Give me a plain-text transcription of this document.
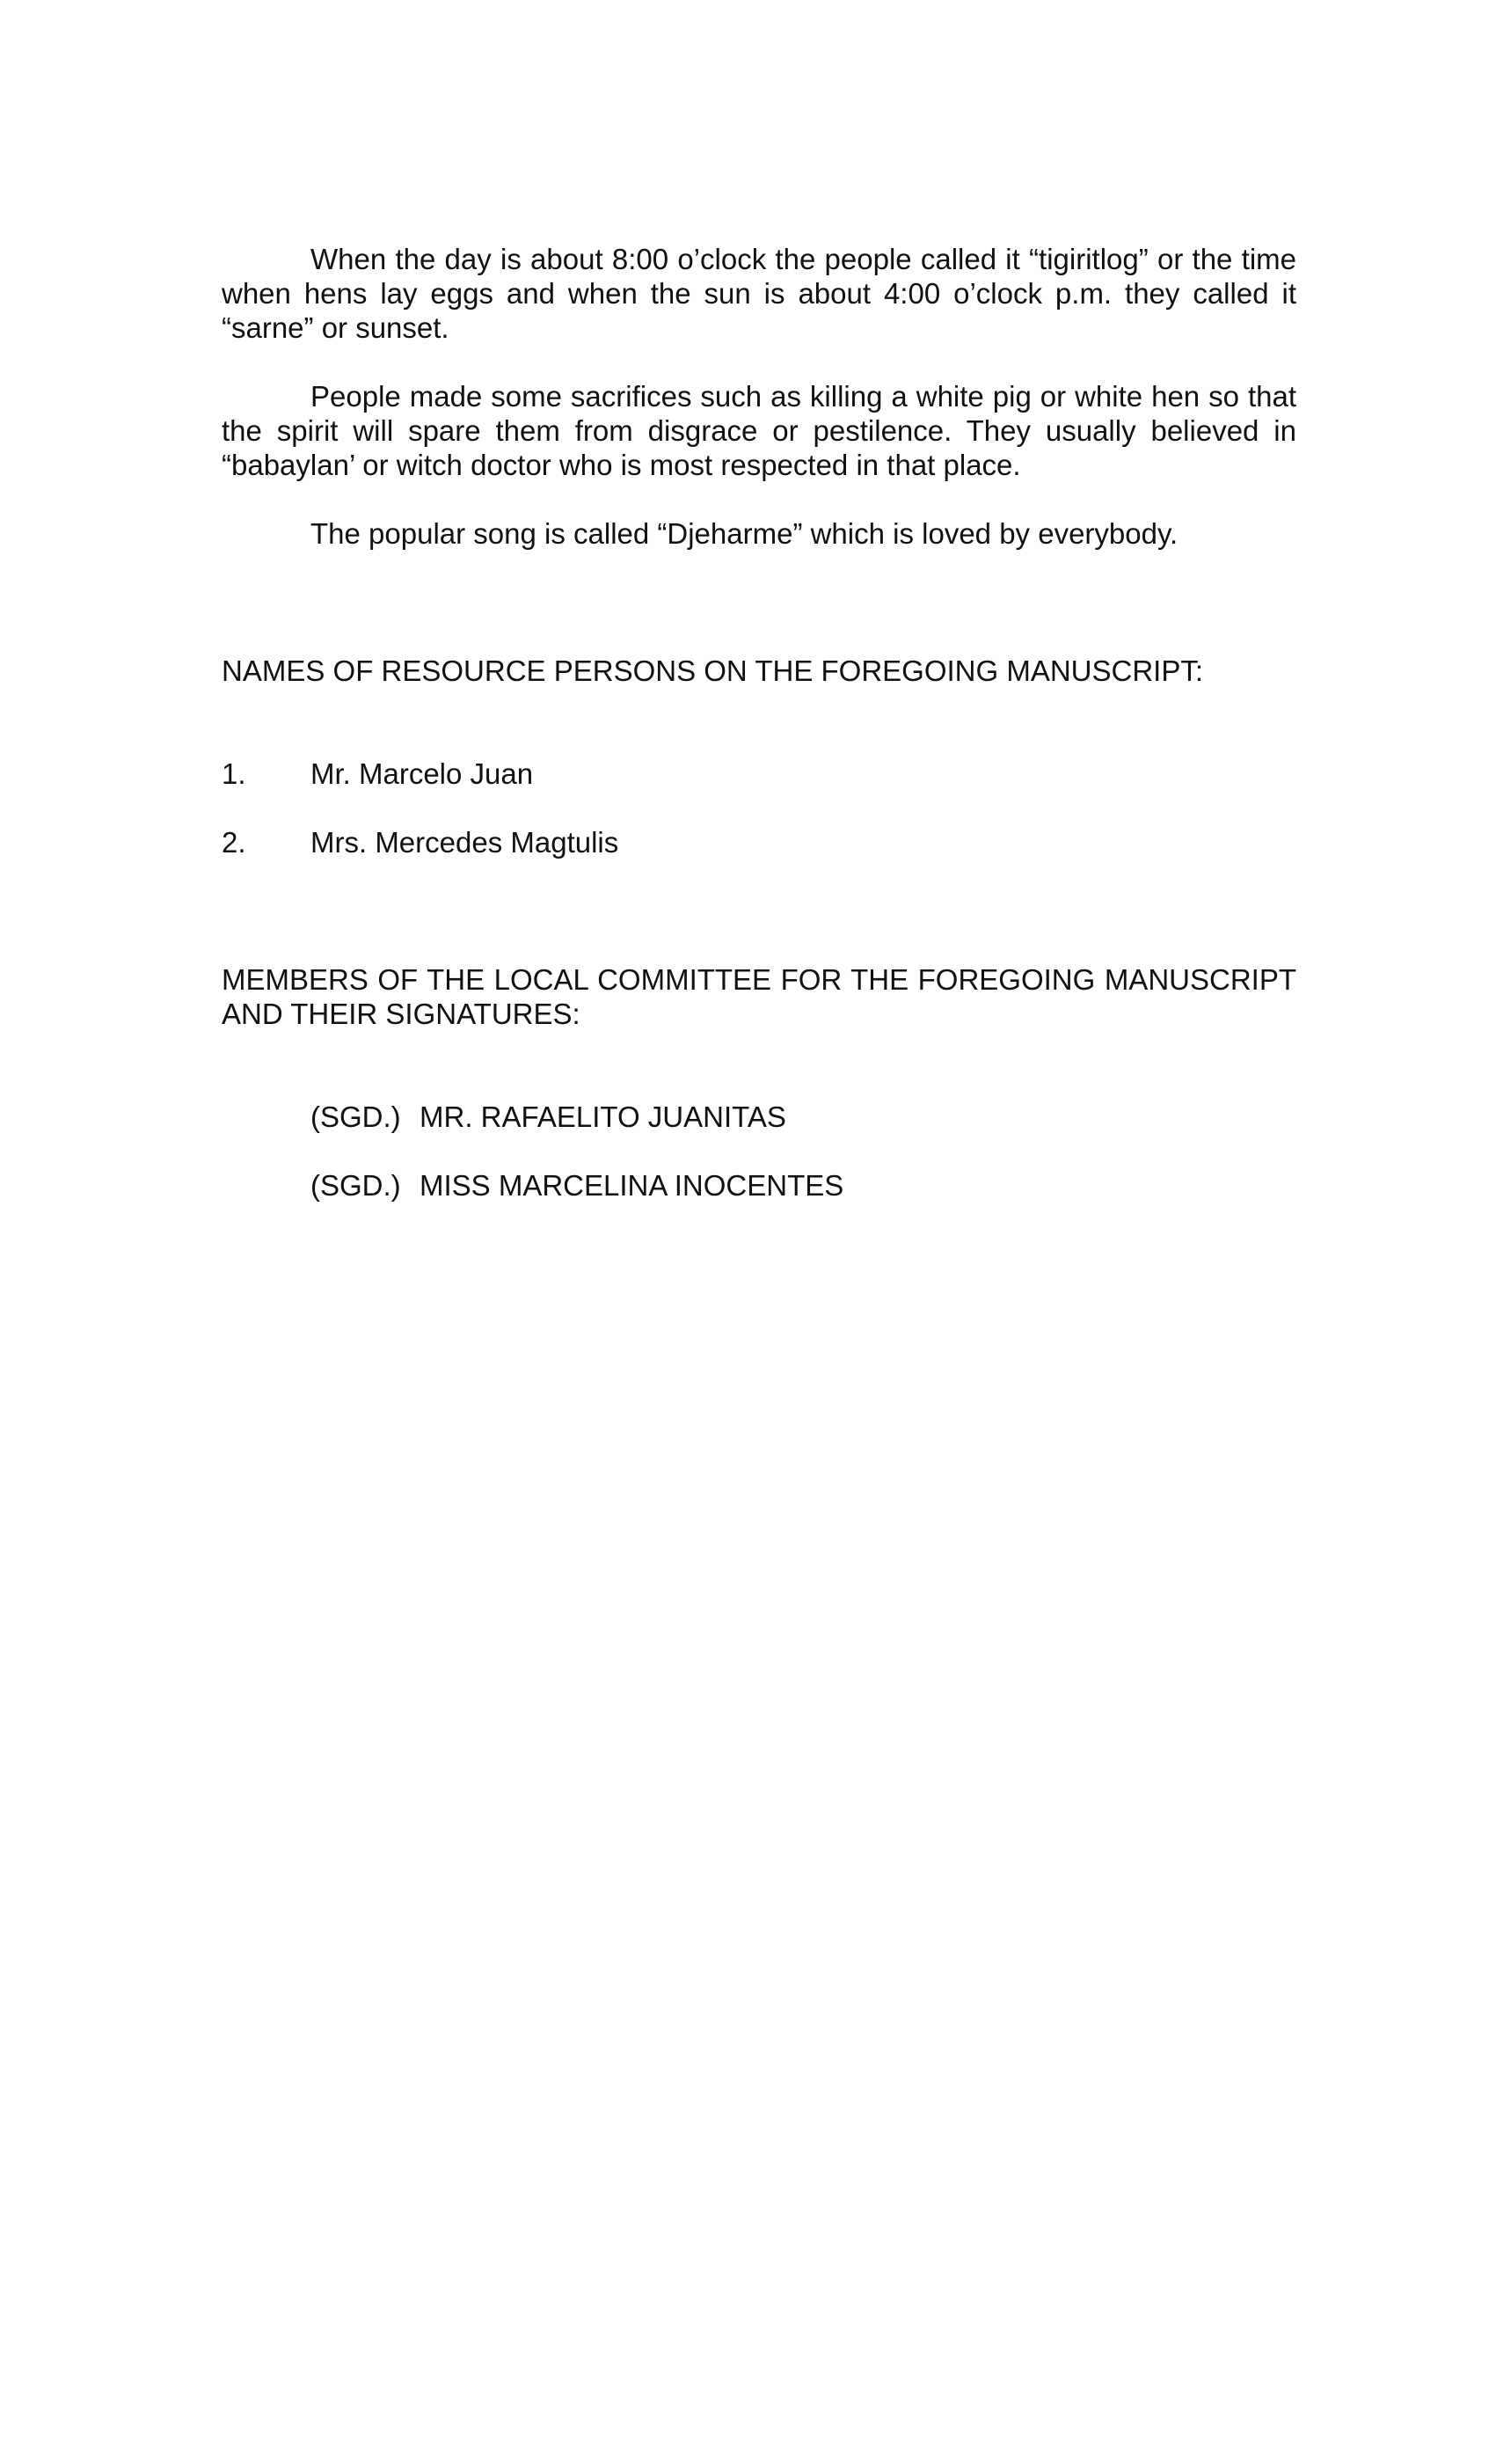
When the day is about 8:00 o’clock the people called it “tigiritlog” or the time when hens lay eggs and when the sun is about 4:00 o’clock p.m. they called it “sarne” or sunset.

People made some sacrifices such as killing a white pig or white hen so that the spirit will spare them from disgrace or pestilence. They usually believed in “babaylan’ or witch doctor who is most respected in that place.

The popular song is called “Djeharme” which is loved by everybody.

NAMES OF RESOURCE PERSONS ON THE FOREGOING MANUSCRIPT:

1.	Mr. Marcelo Juan
2.	Mrs. Mercedes Magtulis

MEMBERS OF THE LOCAL COMMITTEE FOR THE FOREGOING MANUSCRIPT AND THEIR SIGNATURES:

(SGD.) MR. RAFAELITO JUANITAS

(SGD.) MISS MARCELINA INOCENTES
